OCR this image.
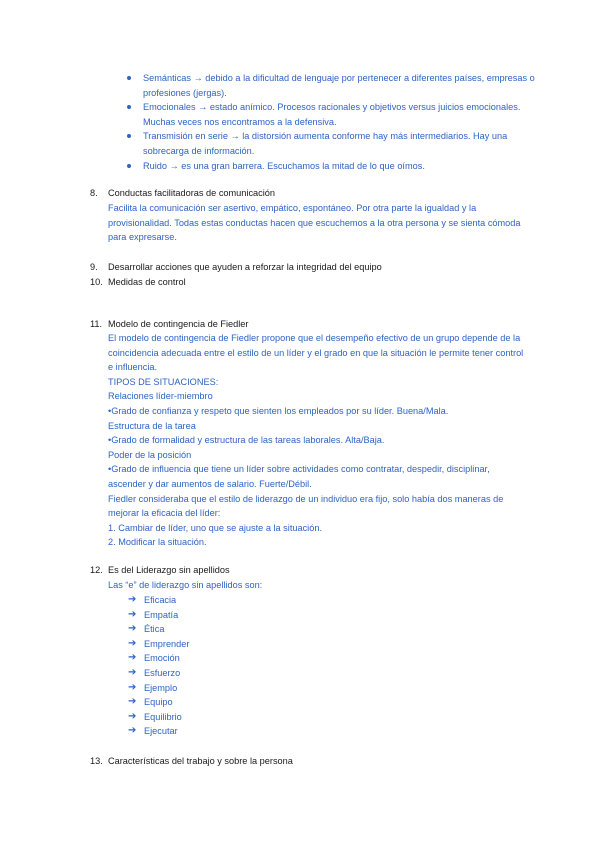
Semánticas → debido a la dificultad de lenguaje por pertenecer a diferentes países, empresas o profesiones (jergas).

Emocionales → estado anímico. Procesos racionales y objetivos versus juicios emocionales. Muchas veces nos encontramos a la defensiva.

Transmisión en serie → la distorsión aumenta conforme hay más intermediarios. Hay una sobrecarga de información.

Ruido → es una gran barrera. Escuchamos la mitad de lo que oímos.

8. Conductas facilitadoras de comunicación
Facilita la comunicación ser asertivo, empático, espontáneo. Por otra parte la igualdad y la provisionalidad. Todas estas conductas hacen que escuchemos a la otra persona y se sienta cómoda para expresarse.
9. Desarrollar acciones que ayuden a reforzar la integridad del equipo
10. Medidas de control
11. Modelo de contingencia de Fiedler
El modelo de contingencia de Fiedler propone que el desempeño efectivo de un grupo depende de la coincidencia adecuada entre el estilo de un líder y el grado en que la situación le permite tener control e influencia.
TIPOS DE SITUACIONES:
Relaciones líder-miembro
•Grado de confianza y respeto que sienten los empleados por su líder. Buena/Mala.
Estructura de la tarea
•Grado de formalidad y estructura de las tareas laborales. Alta/Baja.
Poder de la posición
•Grado de influencia que tiene un líder sobre actividades como contratar, despedir, disciplinar, ascender y dar aumentos de salario. Fuerte/Débil.
Fiedler consideraba que el estilo de liderazgo de un individuo era fijo, solo había dos maneras de mejorar la eficacia del líder:
1. Cambiar de líder, uno que se ajuste a la situación.
2. Modificar la situación.
12. Es del Liderazgo sin apellidos
Las “e” de liderazgo sin apellidos son:
➔ Eficacia
➔ Empatía
➔ Ética
➔ Emprender
➔ Emoción
➔ Esfuerzo
➔ Ejemplo
➔ Equipo
➔ Equilibrio
➔ Ejecutar
13. Características del trabajo y sobre la persona
